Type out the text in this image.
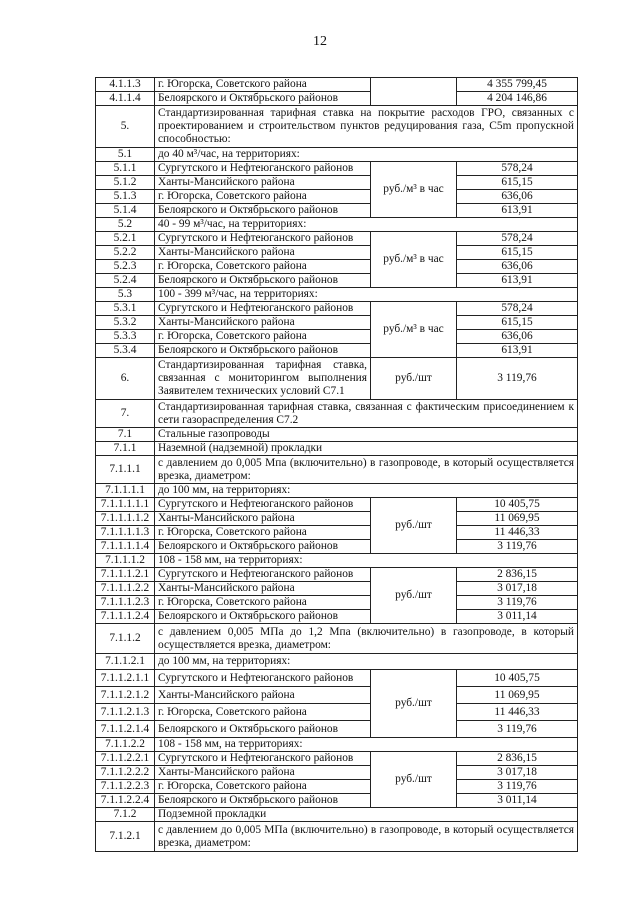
12
4.1.1.3	г. Югорска, Советского района		4 355 799,45
4.1.1.4	Белоярского и Октябрьского районов		4 204 146,86
5.	Стандартизированная тарифная ставка на покрытие расходов ГРО, связанных с проектированием и строительством пунктов редуцирования газа, С5m пропускной способностью:		
5.1	до 40 м³/час, на территориях:		
5.1.1	Сургутского и Нефтеюганского районов	руб./м³ в час	578,24
5.1.2	Ханты-Мансийского района		615,15
5.1.3	г. Югорска, Советского района		636,06
5.1.4	Белоярского и Октябрьского районов		613,91
5.2	40 - 99 м³/час, на территориях:		
5.2.1	Сургутского и Нефтеюганского районов	руб./м³ в час	578,24
5.2.2	Ханты-Мансийского района		615,15
5.2.3	г. Югорска, Советского района		636,06
5.2.4	Белоярского и Октябрьского районов		613,91
5.3	100 - 399 м³/час, на территориях:		
5.3.1	Сургутского и Нефтеюганского районов	руб./м³ в час	578,24
5.3.2	Ханты-Мансийского района		615,15
5.3.3	г. Югорска, Советского района		636,06
5.3.4	Белоярского и Октябрьского районов		613,91
6.	Стандартизированная тарифная ставка, связанная с мониторингом выполнения Заявителем технических условий С7.1	руб./шт	3 119,76
7.	Стандартизированная тарифная ставка, связанная с фактическим присоединением к сети газораспределения С7.2		
7.1	Стальные газопроводы		
7.1.1	Наземной (надземной) прокладки		
7.1.1.1	с давлением до 0,005 Мпа (включительно) в газопроводе, в который осуществляется врезка, диаметром:		
7.1.1.1.1	до 100 мм, на территориях:		
7.1.1.1.1.1	Сургутского и Нефтеюганского районов	руб./шт	10 405,75
7.1.1.1.1.2	Ханты-Мансийского района		11 069,95
7.1.1.1.1.3	г. Югорска, Советского района		11 446,33
7.1.1.1.1.4	Белоярского и Октябрьского районов		3 119,76
7.1.1.1.2	108 - 158 мм, на территориях:		
7.1.1.1.2.1	Сургутского и Нефтеюганского районов	руб./шт	2 836,15
7.1.1.1.2.2	Ханты-Мансийского района		3 017,18
7.1.1.1.2.3	г. Югорска, Советского района		3 119,76
7.1.1.1.2.4	Белоярского и Октябрьского районов		3 011,14
7.1.1.2	с давлением 0,005 МПа до 1,2 Мпа (включительно) в газопроводе, в который осуществляется врезка, диаметром:		
7.1.1.2.1	до 100 мм, на территориях:		
7.1.1.2.1.1	Сургутского и Нефтеюганского районов	руб./шт	10 405,75
7.1.1.2.1.2	Ханты-Мансийского района		11 069,95
7.1.1.2.1.3	г. Югорска, Советского района		11 446,33
7.1.1.2.1.4	Белоярского и Октябрьского районов		3 119,76
7.1.1.2.2	108 - 158 мм, на территориях:		
7.1.1.2.2.1	Сургутского и Нефтеюганского районов	руб./шт	2 836,15
7.1.1.2.2.2	Ханты-Мансийского района		3 017,18
7.1.1.2.2.3	г. Югорска, Советского района		3 119,76
7.1.1.2.2.4	Белоярского и Октябрьского районов		3 011,14
7.1.2	Подземной прокладки		
7.1.2.1	с давлением до 0,005 МПа (включительно) в газопроводе, в который осуществляется врезка, диаметром:		
